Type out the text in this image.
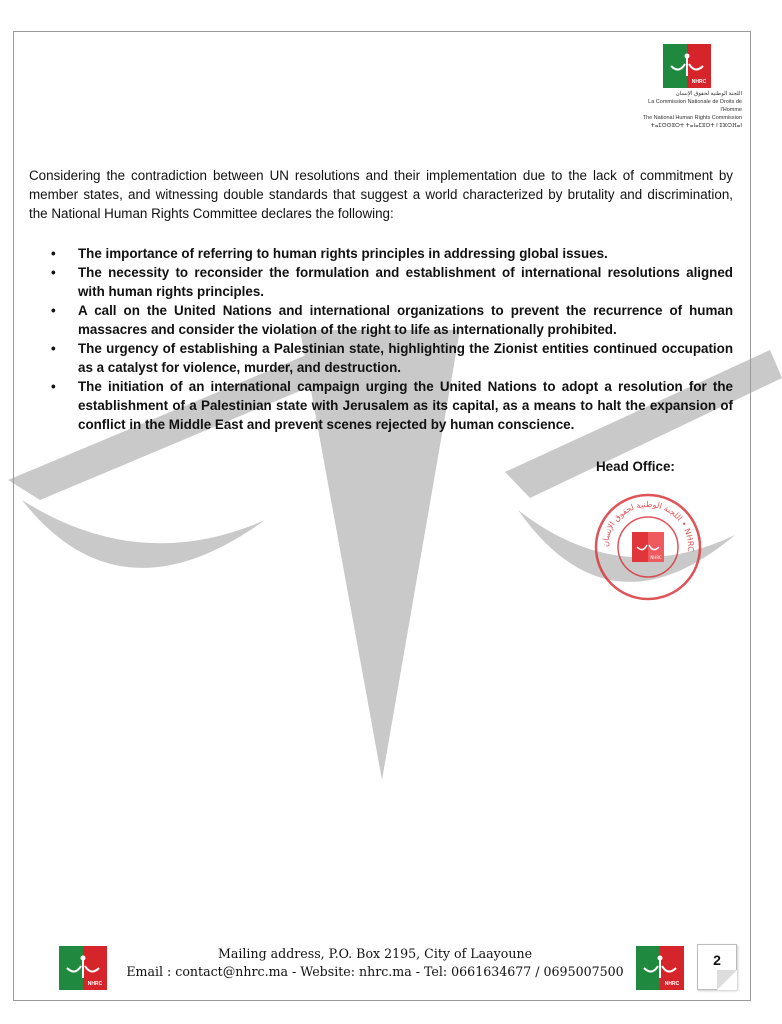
NHRC
اللجنة الوطنية لحقوق الإنسان
La Commission Nationale de Droits de l'Homme
The National Human Rights Commission
ⵜⴰⵎⵙⵙⵓⵔⵜ ⵜⴰⵏⴰⵎⵓⵔⵜ ⵏ ⵉⵣⵔⴼⴰⵏ

Considering the contradiction between UN resolutions and their implementation due to the lack of commitment by member states, and witnessing double standards that suggest a world characterized by brutality and discrimination, the National Human Rights Committee declares the following:

• The importance of referring to human rights principles in addressing global issues.
• The necessity to reconsider the formulation and establishment of international resolutions aligned with human rights principles.
• A call on the United Nations and international organizations to prevent the recurrence of human massacres and consider the violation of the right to life as internationally prohibited.
• The urgency of establishing a Palestinian state, highlighting the Zionist entities continued occupation as a catalyst for violence, murder, and destruction.
• The initiation of an international campaign urging the United Nations to adopt a resolution for the establishment of a Palestinian state with Jerusalem as its capital, as a means to halt the expansion of conflict in the Middle East and prevent scenes rejected by human conscience.
Head Office:
اللجنة الوطنية لحقوق الإنسان • NHRC
NHRC
NHRC
Mailing address, P.O. Box 2195, City of Laayoune
Email : contact@nhrc.ma - Website: nhrc.ma - Tel: 0661634677 / 0695007500
NHRC
2
